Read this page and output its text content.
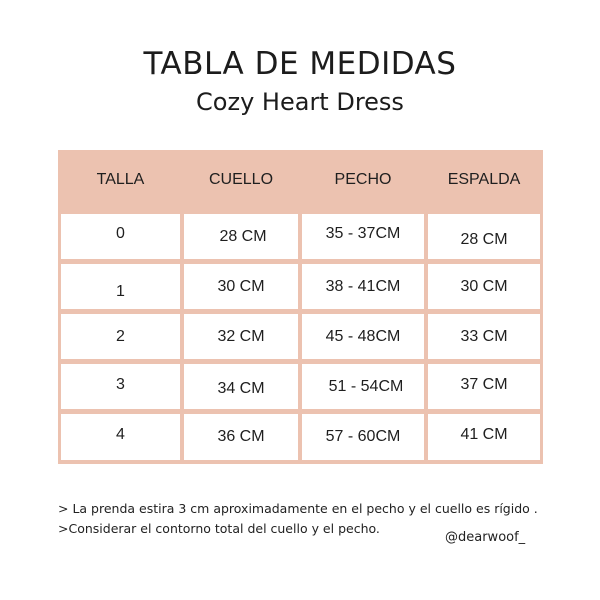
TABLA DE MEDIDAS
Cozy Heart Dress
TALLA	CUELLO	PECHO	ESPALDA
0	28 CM	35 - 37CM	28 CM
1	30 CM	38 - 41CM	30 CM
2	32 CM	45 - 48CM	33 CM
3	34 CM	51 - 54CM	37 CM
4	36 CM	57 - 60CM	41 CM
> La prenda estira 3 cm aproximadamente en el pecho y el cuello es rígido .
>Considerar el contorno total del cuello y el pecho.
@dearwoof_
